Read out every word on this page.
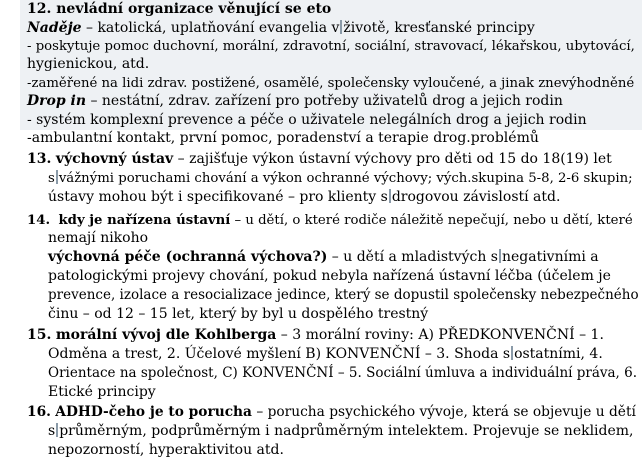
12. nevládní organizace věnující se eto
Naděje – katolická, uplatňování evangelia v životě, kresťanské principy
- poskytuje pomoc duchovní, morální, zdravotní, sociální, stravovací, lékařskou, ubytovácí,
hygienickou, atd.
-zaměřené na lidi zdrav. postižené, osamělé, společensky vyloučené, a jinak znevýhodněné
Drop in – nestátní, zdrav. zařízení pro potřeby uživatelů drog a jejich rodin
- systém komplexní prevence a péče o uživatele nelegálních drog a jejich rodin
-ambulantní kontakt, první pomoc, poradenství a terapie drog.problémů
13. výchovný ústav – zajišťuje výkon ústavní výchovy pro děti od 15 do 18(19) let
s vážnými poruchami chování a výkon ochranné výchovy; vých.skupina 5-8, 2-6 skupin;
ústavy mohou být i specifikované – pro klienty s drogovou závislostí atd.
14. kdy je nařízena ústavní – u dětí, o které rodiče náležitě nepečují, nebo u dětí, které
nemají nikoho
výchovná péče (ochranná výchova?) – u dětí a mladistvých s negativními a
patologickými projevy chování, pokud nebyla nařízená ústavní léčba (účelem je
prevence, izolace a resocializace jedince, který se dopustil společensky nebezpečného
činu – od 12 – 15 let, který by byl u dospělého trestný
15. morální vývoj dle Kohlberga – 3 morální roviny: A) PŘEDKONVENČNÍ – 1.
Odměna a trest, 2. Účelové myšlení B) KONVENČNÍ – 3. Shoda s ostatními, 4.
Orientace na společnost, C) KONVENČNÍ – 5. Sociální úmluva a individuální práva, 6.
Etické principy
16. ADHD-čeho je to porucha – porucha psychického vývoje, která se objevuje u dětí
s průměrným, podprůměrným i nadprůměrným intelektem. Projevuje se neklidem,
nepozorností, hyperaktivitou atd.
